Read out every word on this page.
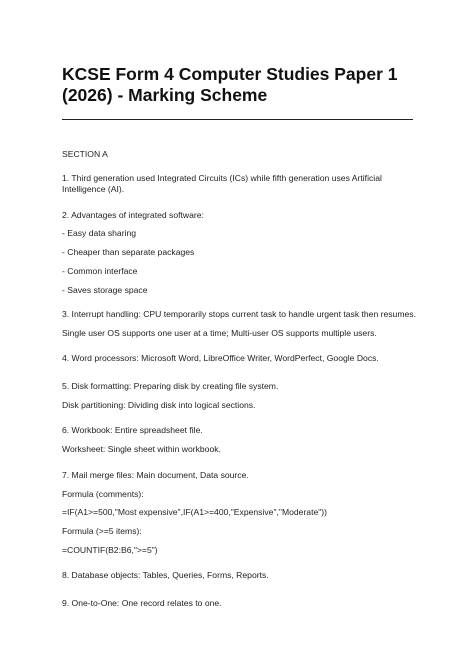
KCSE Form 4 Computer Studies Paper 1 (2026) - Marking Scheme

SECTION A

1. Third generation used Integrated Circuits (ICs) while fifth generation uses Artificial Intelligence (AI).

2. Advantages of integrated software:

- Easy data sharing

- Cheaper than separate packages

- Common interface

- Saves storage space

3. Interrupt handling: CPU temporarily stops current task to handle urgent task then resumes.

Single user OS supports one user at a time; Multi-user OS supports multiple users.

4. Word processors: Microsoft Word, LibreOffice Writer, WordPerfect, Google Docs.

5. Disk formatting: Preparing disk by creating file system.

Disk partitioning: Dividing disk into logical sections.

6. Workbook: Entire spreadsheet file.

Worksheet: Single sheet within workbook.

7. Mail merge files: Main document, Data source.

Formula (comments):

=IF(A1>=500,"Most expensive",IF(A1>=400,"Expensive","Moderate"))

Formula (>=5 items):

=COUNTIF(B2:B6,">=5")

8. Database objects: Tables, Queries, Forms, Reports.

9. One-to-One: One record relates to one.
